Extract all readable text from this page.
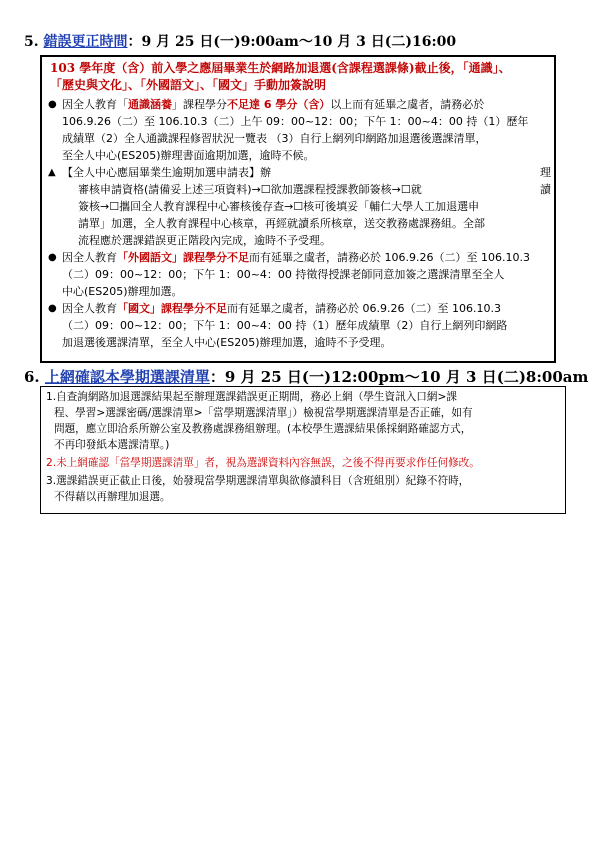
5. 錯誤更正時間：9 月 25 日(一)9:00am～10 月 3 日(二)16:00
103 學年度（含）前入學之應屆畢業生於網路加退選(含課程選課條)截止後，「通識」、
「歷史與文化」、「外國語文」、「國文」手動加簽說明
● 因全人教育「通識涵養」課程學分不足達 6 學分（含）以上而有延畢之虞者，請務必於
106.9.26（二）至 106.10.3（二）上午 09：00~12：00；下午 1：00~4：00 持（1）歷年
成績單（2）全人通識課程修習狀況一覽表 （3）自行上網列印網路加退選後選課清單，
至全人中心(ES205)辦理書面逾期加選，逾時不候。
▲ 【全人中心應屆畢業生逾期加選申請表】辦	理
審核申請資格(請備妥上述三項資料)→☐欲加選課程授課教師簽核→☐就	讀
簽核→☐攜回全人教育課程中心審核後存查→☐核可後填妥「輔仁大學人工加退選申
請單」加選，全人教育課程中心核章，再經就讀系所核章，送交教務處課務組。全部
流程應於選課錯誤更正階段內完成，逾時不予受理。
● 因全人教育「外國語文」課程學分不足而有延畢之虞者，請務必於 106.9.26（二）至 106.10.3
（二）09：00~12：00；下午 1：00~4：00 持徵得授課老師同意加簽之選課清單至全人
中心(ES205)辦理加選。
● 因全人教育「國文」課程學分不足而有延畢之虞者，請務必於 06.9.26（二）至 106.10.3
（二）09：00~12：00；下午 1：00~4：00 持（1）歷年成績單（2）自行上網列印網路
加退選後選課清單，至全人中心(ES205)辦理加選，逾時不予受理。
6. 上網確認本學期選課清單：9 月 25 日(一)12:00pm～10 月 3 日(二)8:00am
1.自查詢網路加退選課結果起至辦理選課錯誤更正期間，務必上網（學生資訊入口網>課
程、學習>選課密碼/選課清單>「當學期選課清單」）檢視當學期選課清單是否正確，如有
問題，應立即洽系所辦公室及教務處課務組辦理。(本校學生選課結果係採網路確認方式，
不再印發紙本選課清單。)
2.未上網確認「當學期選課清單」者，視為選課資料內容無誤，之後不得再要求作任何修改。
3.選課錯誤更正截止日後，始發現當學期選課清單與欲修讀科目（含班組別）紀錄不符時，
不得藉以再辦理加退選。
